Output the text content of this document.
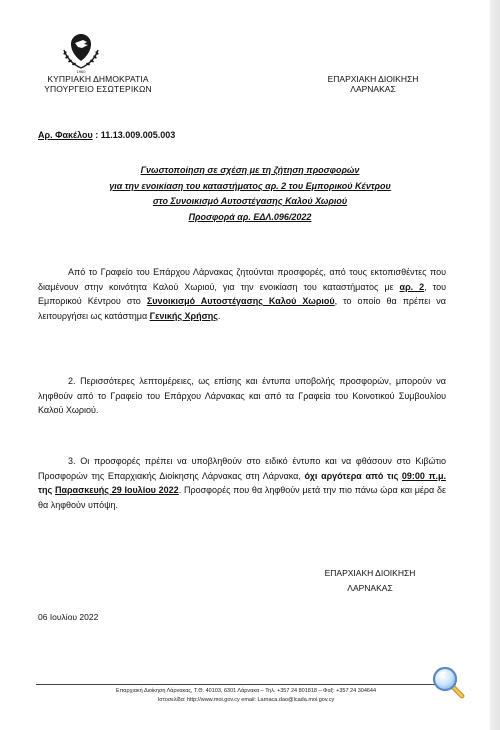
1960
ΚΥΠΡΙΑΚΗ ΔΗΜΟΚΡΑΤΙΑ
ΥΠΟΥΡΓΕΙΟ ΕΣΩΤΕΡΙΚΩΝ
ΕΠΑΡΧΙΑΚΗ ΔΙΟΙΚΗΣΗ
ΛΑΡΝΑΚΑΣ
Αρ. Φακέλου : 11.13.009.005.003
Γνωστοποίηση σε σχέση με τη ζήτηση προσφορών
για την ενοικίαση του καταστήματος αρ. 2 του Εμπορικού Κέντρου
στο Συνοικισμό Αυτοστέγασης Καλού Χωριού
Προσφορά αρ. ΕΔΛ.096/2022
Από το Γραφείο του Επάρχου Λάρνακας ζητούνται προσφορές, από τους εκτοπισθέντες που διαμένουν στην κοινότητα Καλού Χωριού, για την ενοικίαση του καταστήματος με αρ. 2, του Εμπορικού Κέντρου στο Συνοικισμό Αυτοστέγασης Καλού Χωριού, το οποίο θα πρέπει να λειτουργήσει ως κατάστημα Γενικής Χρήσης.
2. Περισσότερες λεπτομέρειες, ως επίσης και έντυπα υποβολής προσφορών, μπορούν να ληφθούν από το Γραφείο του Επάρχου Λάρνακας και από τα Γραφεία του Κοινοτικού Συμβουλίου Καλού Χωριού.
3. Οι προσφορές πρέπει να υποβληθούν στο ειδικό έντυπο και να φθάσουν στο Κιβώτιο Προσφορών της Επαρχιακής Διοίκησης Λάρνακας στη Λάρνακα, όχι αργότερα από τις 09:00 π.μ. της Παρασκευής 29 Ιουλίου 2022. Προσφορές που θα ληφθούν μετά την πιο πάνω ώρα και μέρα δε θα ληφθούν υπόψη.
ΕΠΑΡΧΙΑΚΗ ΔΙΟΙΚΗΣΗ
ΛΑΡΝΑΚΑΣ
06 Ιουλίου 2022
Επαρχιακή Διοίκηση Λάρνακας, Τ.Θ. 40103, 6301 Λάρνακα – Τηλ. +357 24 801818 – Φαξ: +357 24 304644
Ιστοσελίδα: http://www.moi.gov.cy email: Larnaca.dao@lcada.moi.gov.cy
